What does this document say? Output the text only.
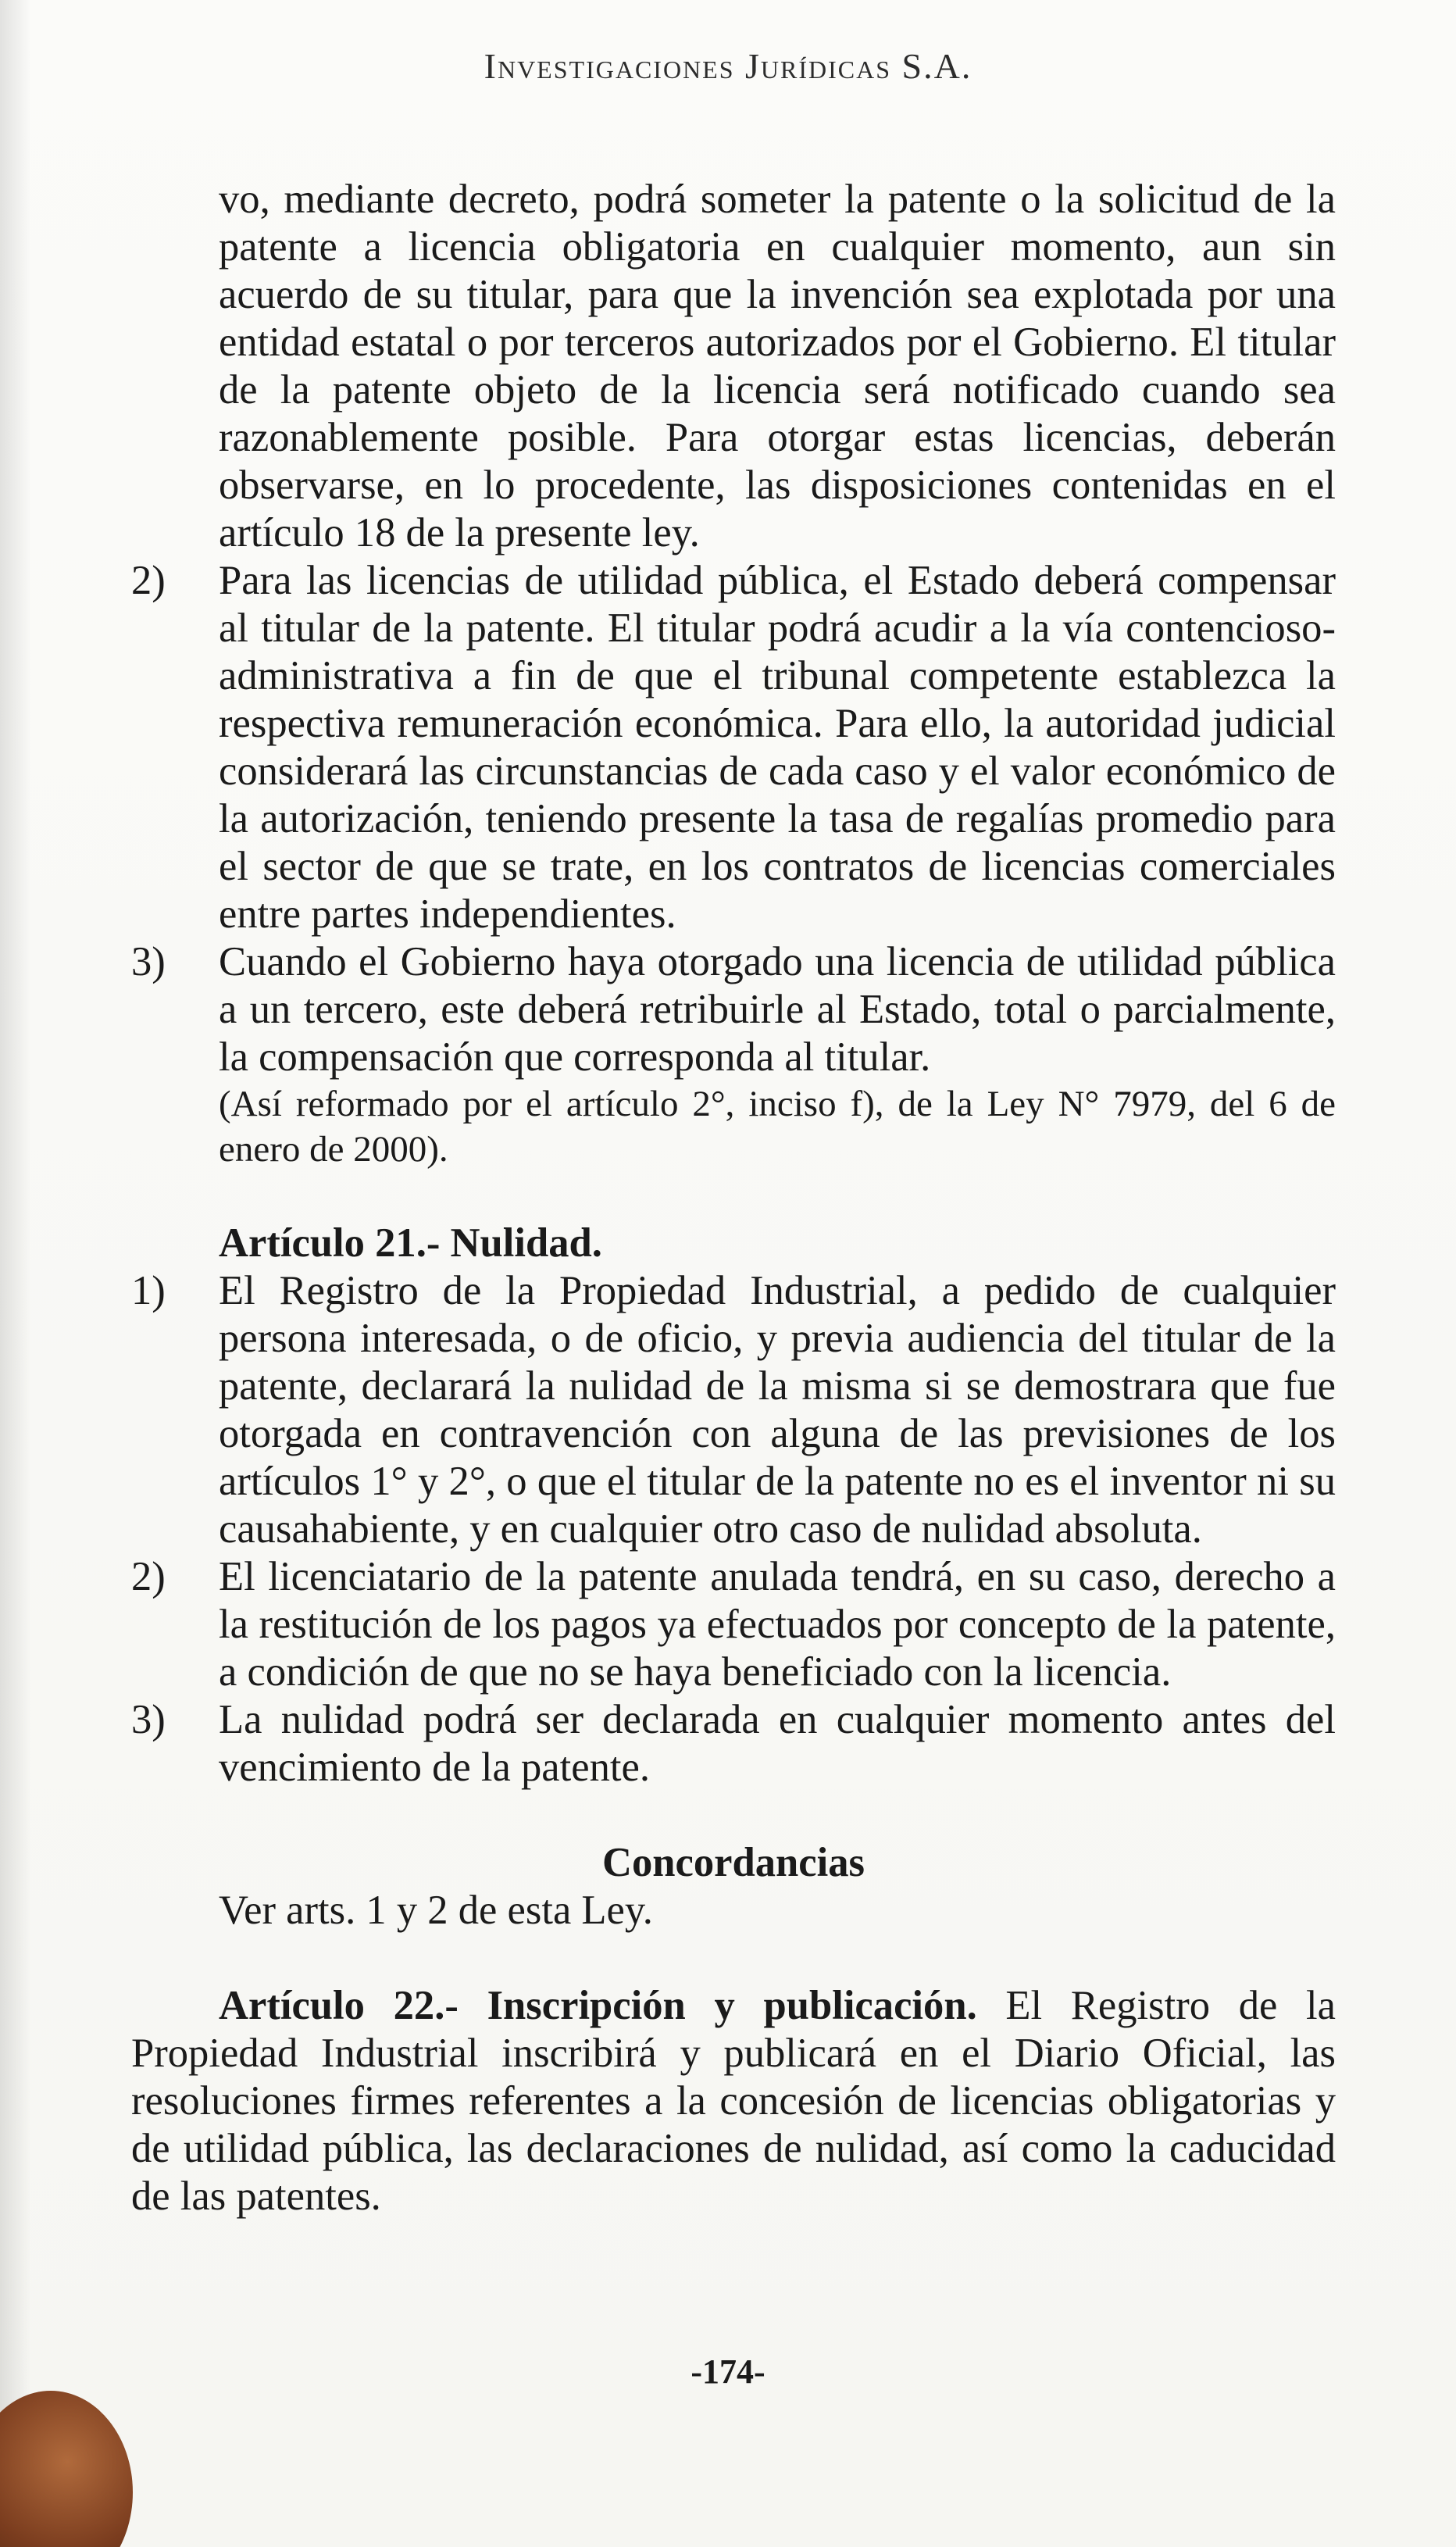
Investigaciones Jurídicas S.A.

vo, mediante decreto, podrá someter la patente o la solicitud de la patente a licencia obligatoria en cualquier momento, aun sin acuerdo de su titular, para que la invención sea explotada por una entidad estatal o por terceros autorizados por el Gobierno. El titular de la patente objeto de la licencia será notificado cuando sea razonablemente posible. Para otorgar estas licencias, deberán observarse, en lo procedente, las disposiciones contenidas en el artículo 18 de la presente ley.

2)	Para las licencias de utilidad pública, el Estado deberá compensar al titular de la patente. El titular podrá acudir a la vía contencioso-administrativa a fin de que el tribunal competente establezca la respectiva remuneración económica. Para ello, la autoridad judicial considerará las circunstancias de cada caso y el valor económico de la autorización, teniendo presente la tasa de regalías promedio para el sector de que se trate, en los contratos de licencias comerciales entre partes independientes.
3)	Cuando el Gobierno haya otorgado una licencia de utilidad pública a un tercero, este deberá retribuirle al Estado, total o parcialmente, la compensación que corresponda al titular.

(Así reformado por el artículo 2°, inciso f), de la Ley N° 7979, del 6 de enero de 2000).

Artículo 21.- Nulidad.
1)	El Registro de la Propiedad Industrial, a pedido de cualquier persona interesada, o de oficio, y previa audiencia del titular de la patente, declarará la nulidad de la misma si se demostrara que fue otorgada en contravención con alguna de las previsiones de los artículos 1° y 2°, o que el titular de la patente no es el inventor ni su causahabiente, y en cualquier otro caso de nulidad absoluta.
2)	El licenciatario de la patente anulada tendrá, en su caso, derecho a la restitución de los pagos ya efectuados por concepto de la patente, a condición de que no se haya beneficiado con la licencia.
3)	La nulidad podrá ser declarada en cualquier momento antes del vencimiento de la patente.
Concordancias

Ver arts. 1 y 2 de esta Ley.

Artículo 22.- Inscripción y publicación. El Registro de la Propiedad Industrial inscribirá y publicará en el Diario Oficial, las resoluciones firmes referentes a la concesión de licencias obligatorias y de utilidad pública, las declaraciones de nulidad, así como la caducidad de las patentes.

-174-
